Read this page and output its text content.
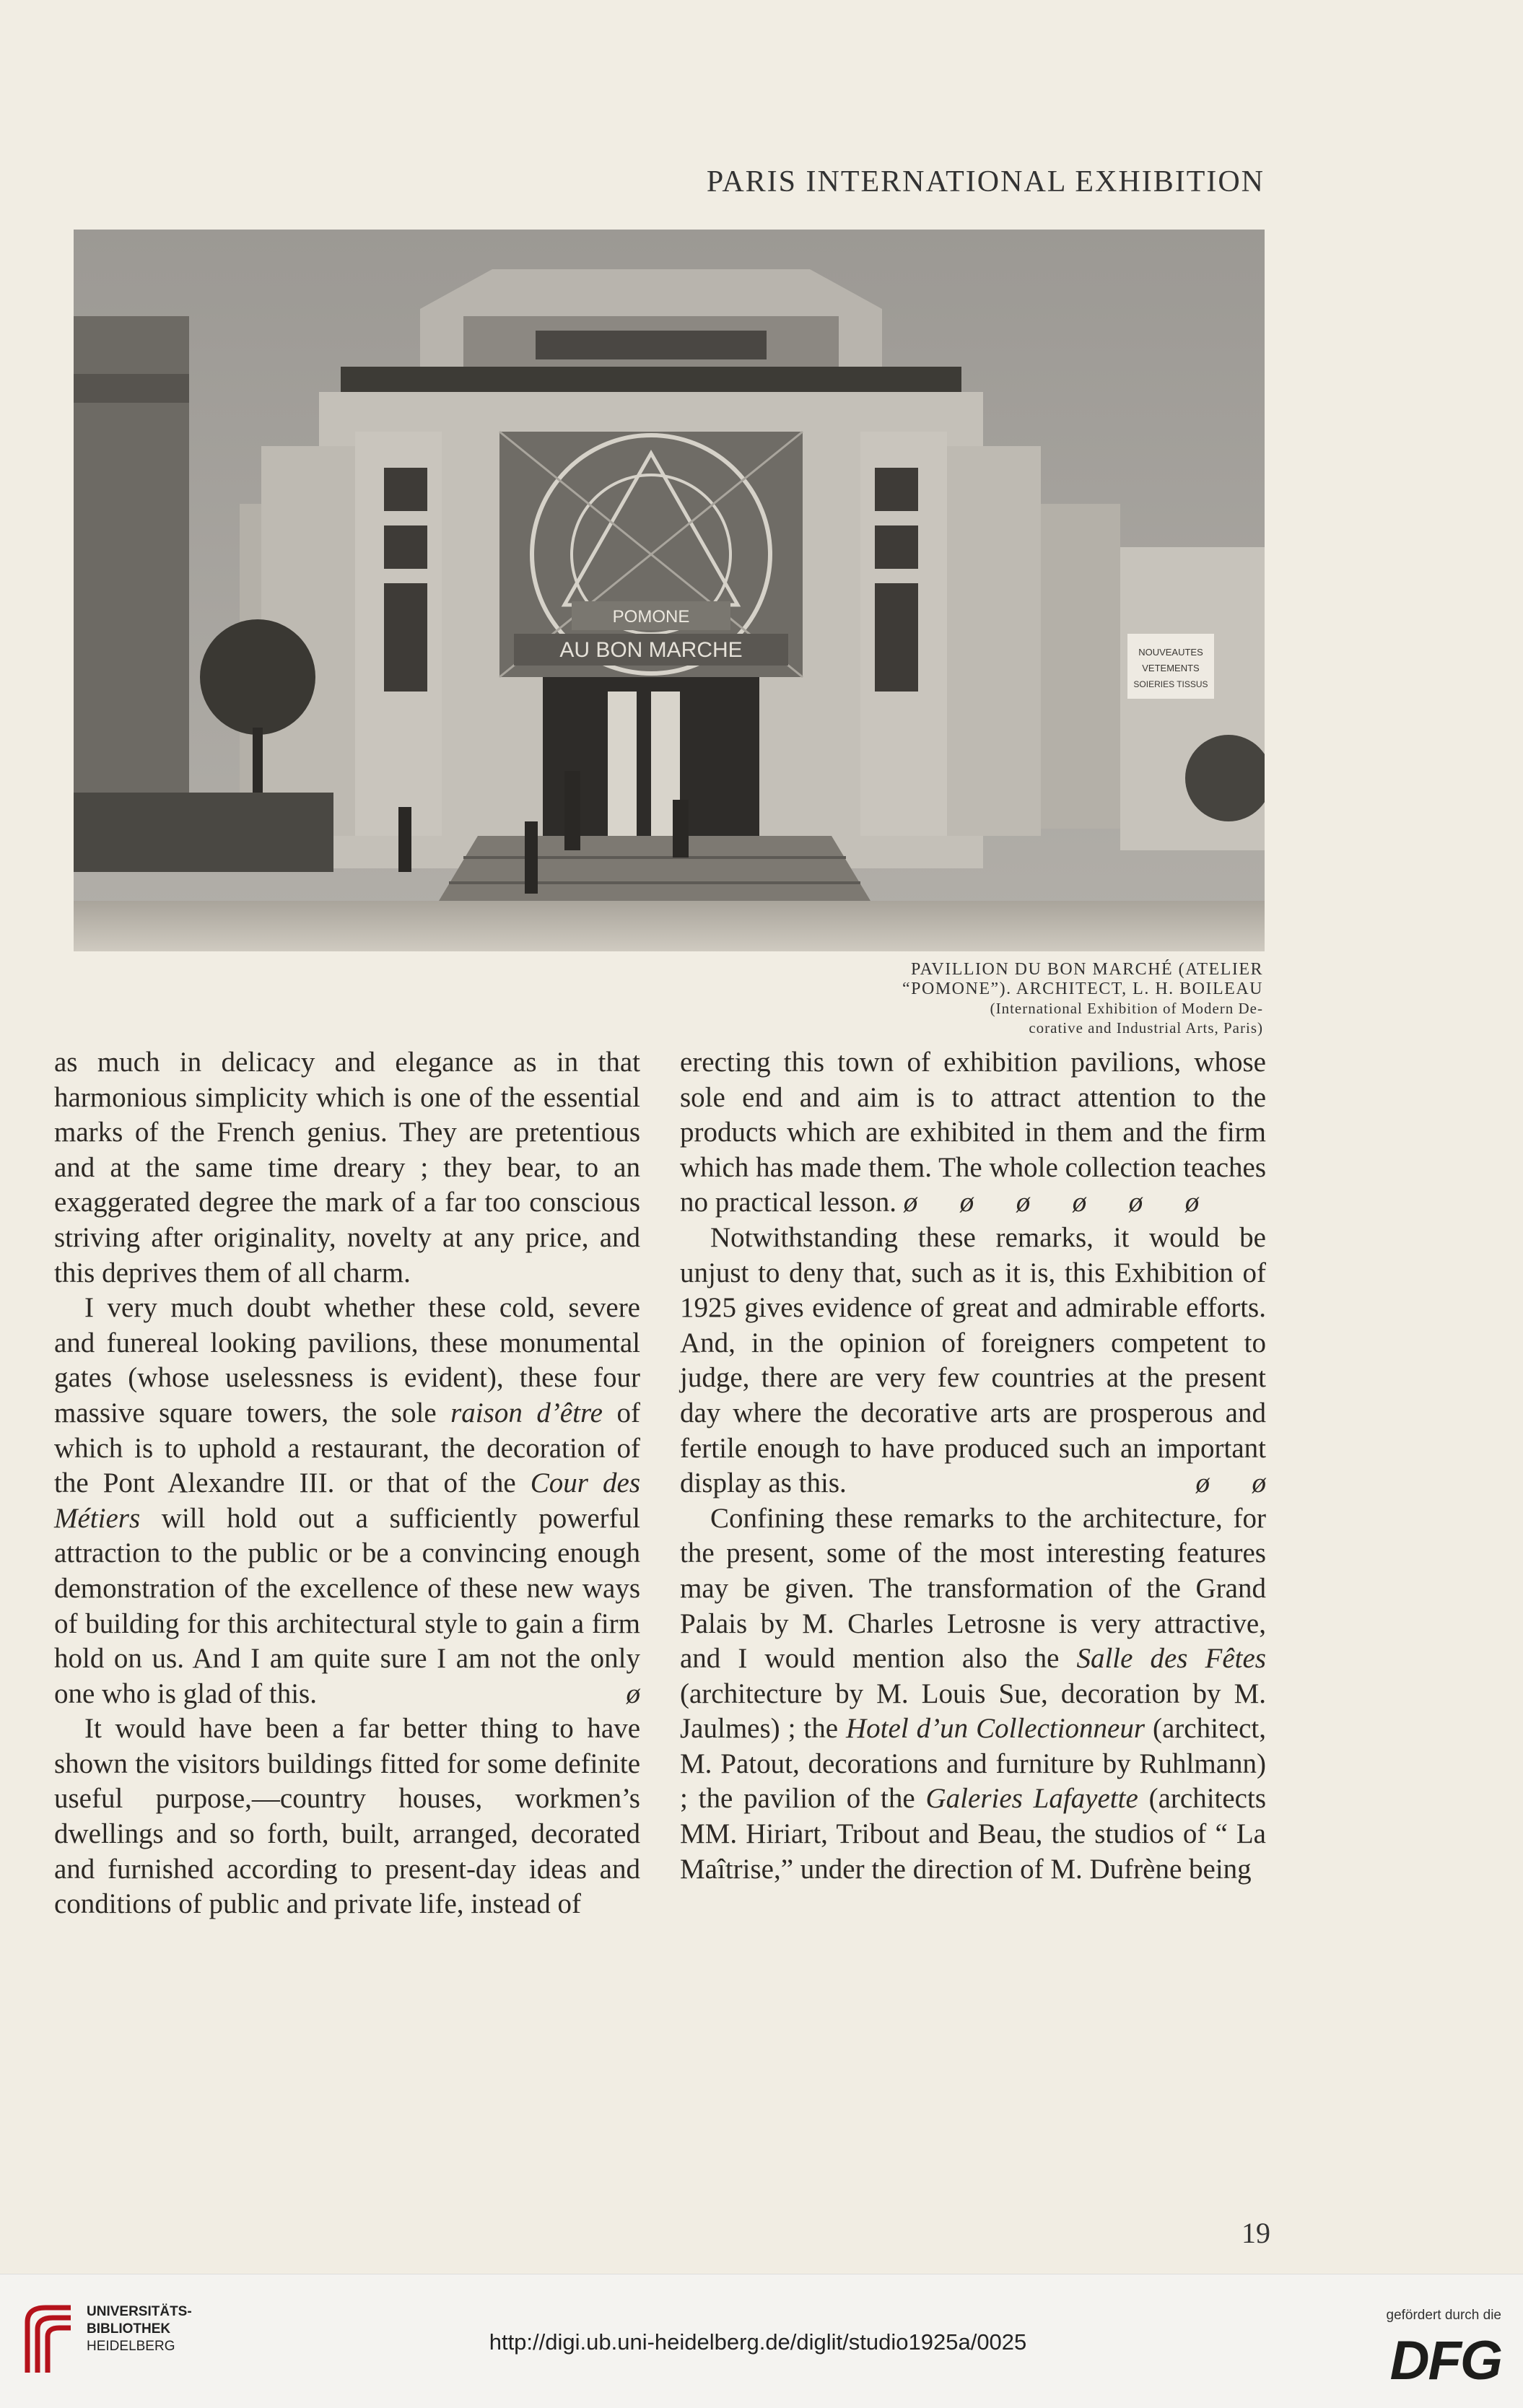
PARIS INTERNATIONAL EXHIBITION
AU BON MARCHE
POMONE
NOUVEAUTES
VETEMENTS
SOIERIES TISSUS
PAVILLION DU BON MARCHÉ (ATELIER
“POMONE”). ARCHITECT, L. H. BOILEAU
(International Exhibition of Modern De-
corative and Industrial Arts, Paris)

as much in delicacy and elegance as in that harmonious simplicity which is one of the essential marks of the French genius. They are pretentious and at the same time dreary ; they bear, to an exaggerated degree the mark of a far too conscious striving after originality, novelty at any price, and this deprives them of all charm.

I very much doubt whether these cold, severe and funereal looking pavilions, these monumental gates (whose uselessness is evident), these four massive square towers, the sole raison d’être of which is to uphold a restaurant, the decoration of the Pont Alexandre III. or that of the Cour des Métiers will hold out a sufficiently powerful attraction to the public or be a convincing enough demonstration of the excellence of these new ways of building for this architectural style to gain a firm hold on us. And I am quite sure I am not the only one who is glad of this.	ø

It would have been a far better thing to have shown the visitors buildings fitted for some definite useful purpose,—country houses, workmen’s dwellings and so forth, built, arranged, decorated and furnished according to present-day ideas and conditions of public and private life, instead of

erecting this town of exhibition pavilions, whose sole end and aim is to attract attention to the products which are exhibited in them and the firm which has made them. The whole collection teaches no practical lesson. ø      ø      ø      ø      ø      ø

Notwithstanding these remarks, it would be unjust to deny that, such as it is, this Exhibition of 1925 gives evidence of great and admirable efforts. And, in the opinion of foreigners competent to judge, there are very few countries at the present day where the decorative arts are prosperous and fertile enough to have produced such an important display as this.	ø      ø

Confining these remarks to the architecture, for the present, some of the most interesting features may be given. The transformation of the Grand Palais by M. Charles Letrosne is very attractive, and I would mention also the Salle des Fêtes (architecture by M. Louis Sue, decoration by M. Jaulmes) ; the Hotel d’un Collectionneur (architect, M. Patout, decorations and furniture by Ruhlmann) ; the pavilion of the Galeries Lafayette (architects MM. Hiriart, Tribout and Beau, the studios of “ La Maîtrise,” under the direction of M. Dufrène being

19
UNIVERSITÄTS-
BIBLIOTHEK
HEIDELBERG	http://digi.ub.uni-heidelberg.de/diglit/studio1925a/0025
gefördert durch die
DFG
